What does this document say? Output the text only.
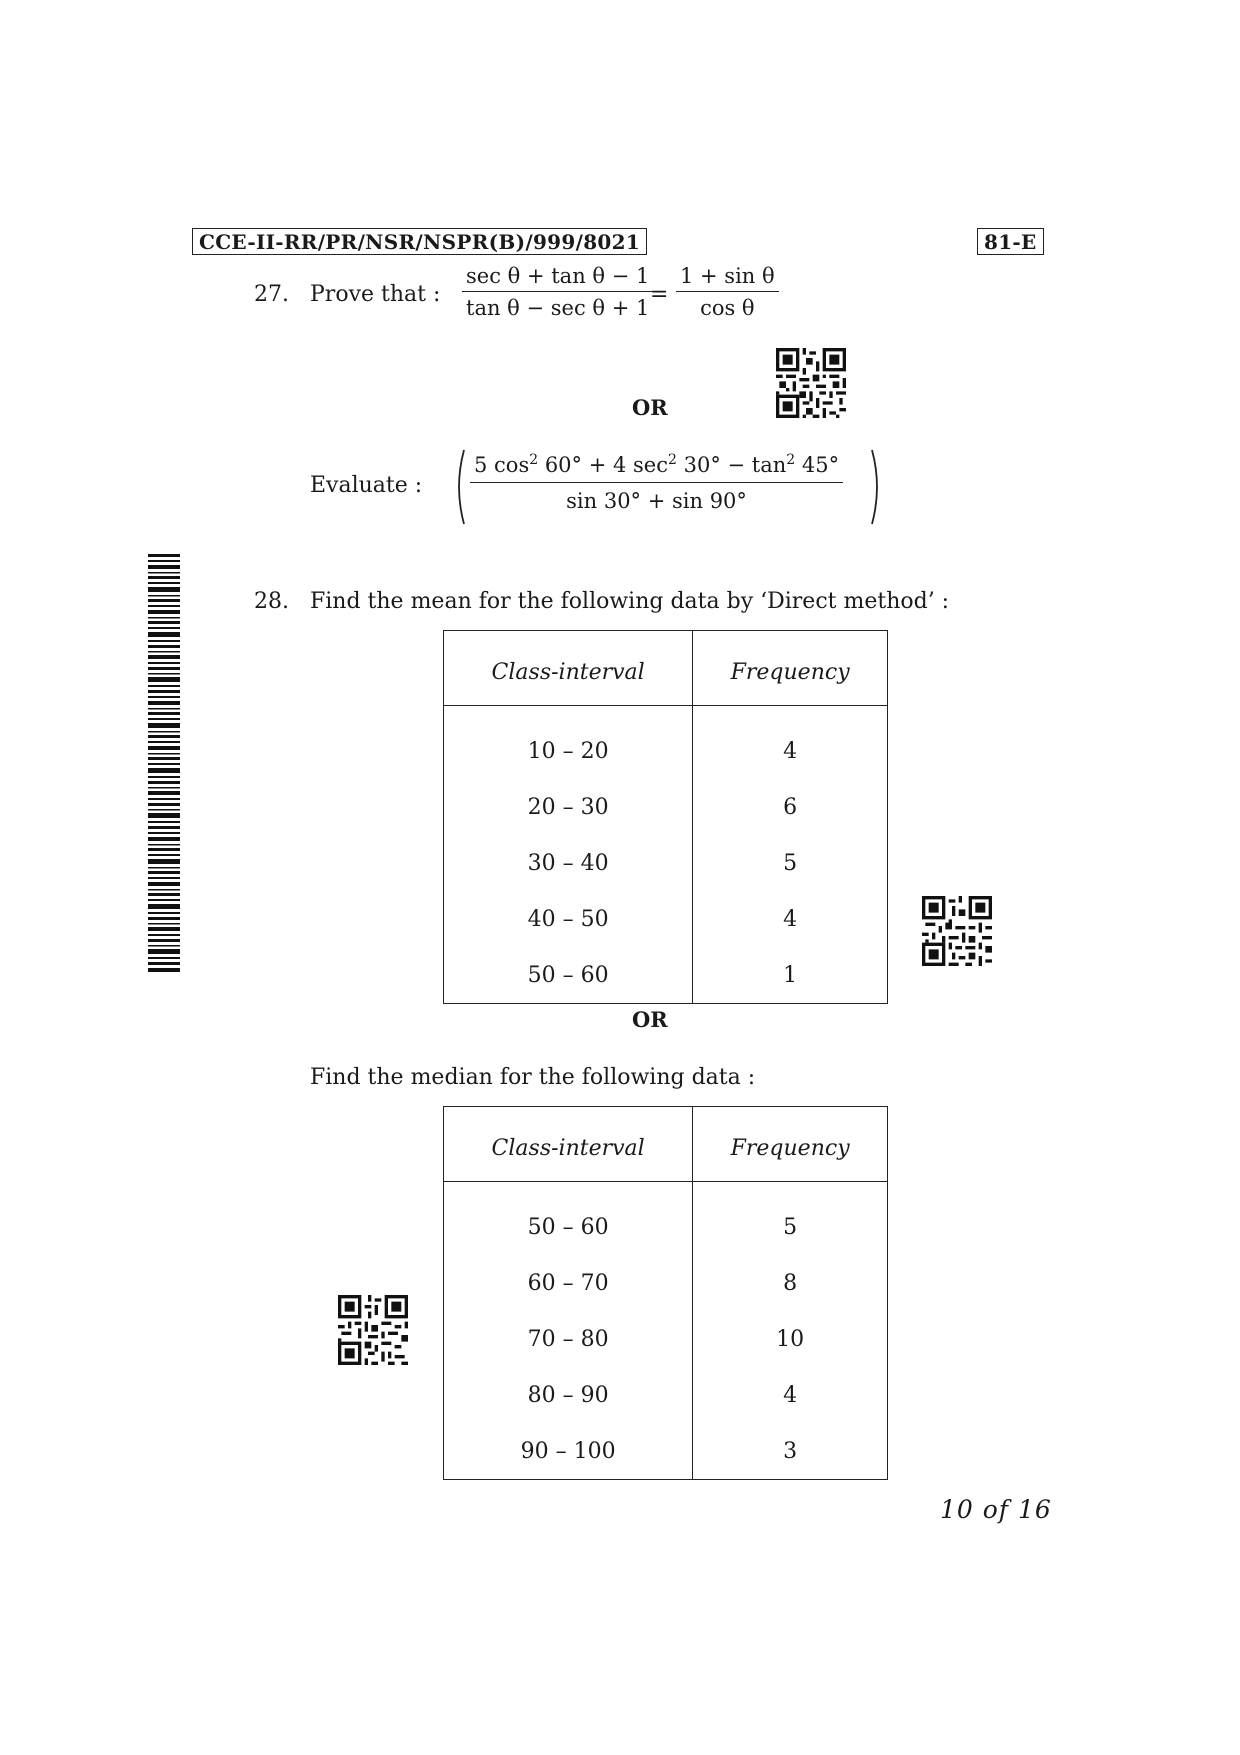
CCE-II-RR/PR/NSR/NSPR(B)/999/8021	81-E
27. Prove that :
sec θ + tan θ − 1
tan θ − sec θ + 1
= $\frac{\text{1 + sin θ}}{\text{cos θ}}$
OR
Evaluate :
5 $\cos^2 60^\circ + 4$ $\sec^2 30^\circ - \tan^2 45^\circ$
sin 30° + sin 90°
28. Find the mean for the following data by ‘Direct method’ :
Class-interval	Frequency
10 – 20	4
20 – 30	6
30 – 40	5
40 – 50	4
50 – 60	1
OR
Find the median for the following data :
Class-interval	Frequency
50 – 60	5
60 – 70	8
70 – 80	10
80 – 90	4
90 – 100	3
10 of 16
